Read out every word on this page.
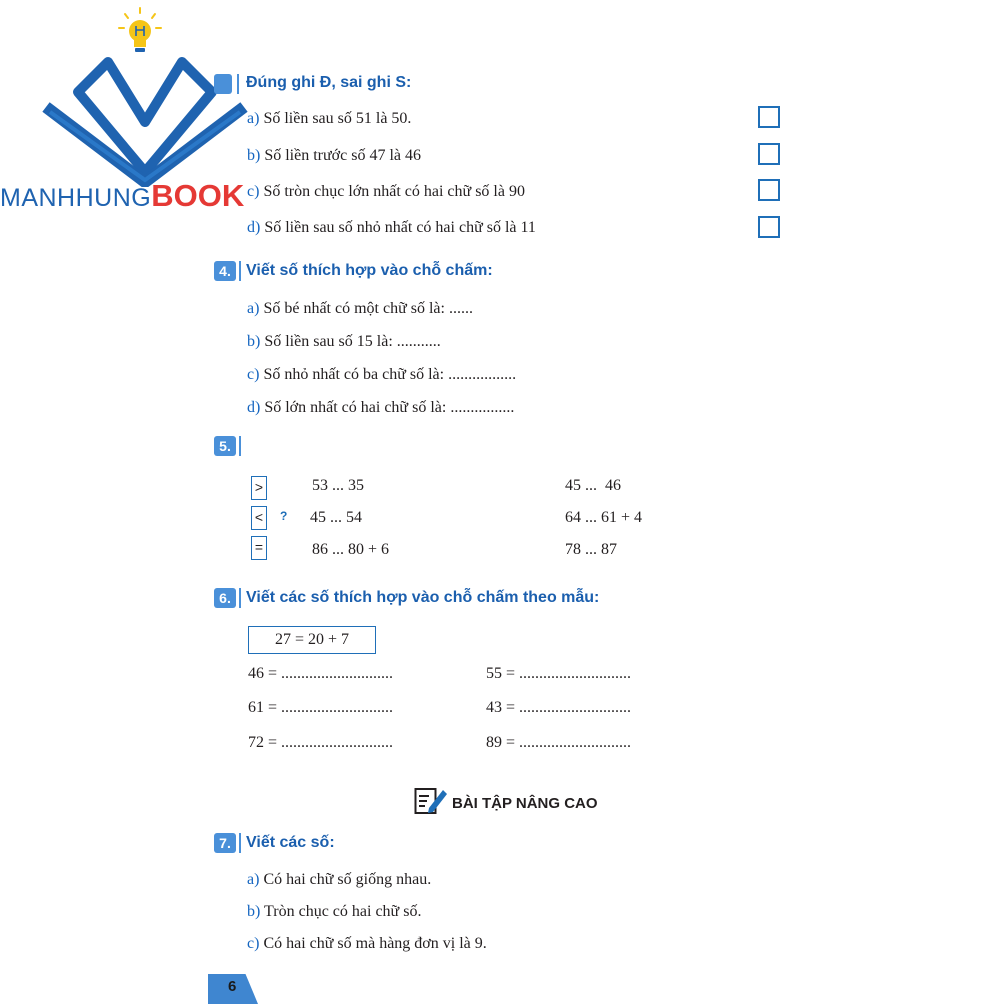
MANHHUNGBOOK
Đúng ghi Đ, sai ghi S:
a) Số liền sau số 51 là 50.
b) Số liền trước số 47 là 46
c) Số tròn chục lớn nhất có hai chữ số là 90
d) Số liền sau số nhỏ nhất có hai chữ số là 11
4. Viết số thích hợp vào chỗ chấm:
a) Số bé nhất có một chữ số là: ......
b) Số liền sau số 15 là: ...........
c) Số nhỏ nhất có ba chữ số là: .................
d) Số lớn nhất có hai chữ số là: ................
5.
>
<
=
?
53 ... 35
45 ... 54
86 ... 80 + 6
45 ...  46
64 ... 61 + 4
78 ... 87
6. Viết các số thích hợp vào chỗ chấm theo mẫu:
27 = 20 + 7
46 = ............................
61 = ............................
72 = ............................
55 = ............................
43 = ............................
89 = ............................
BÀI TẬP NÂNG CAO
7. Viết các số:
a) Có hai chữ số giống nhau.
b) Tròn chục có hai chữ số.
c) Có hai chữ số mà hàng đơn vị là 9.
6
